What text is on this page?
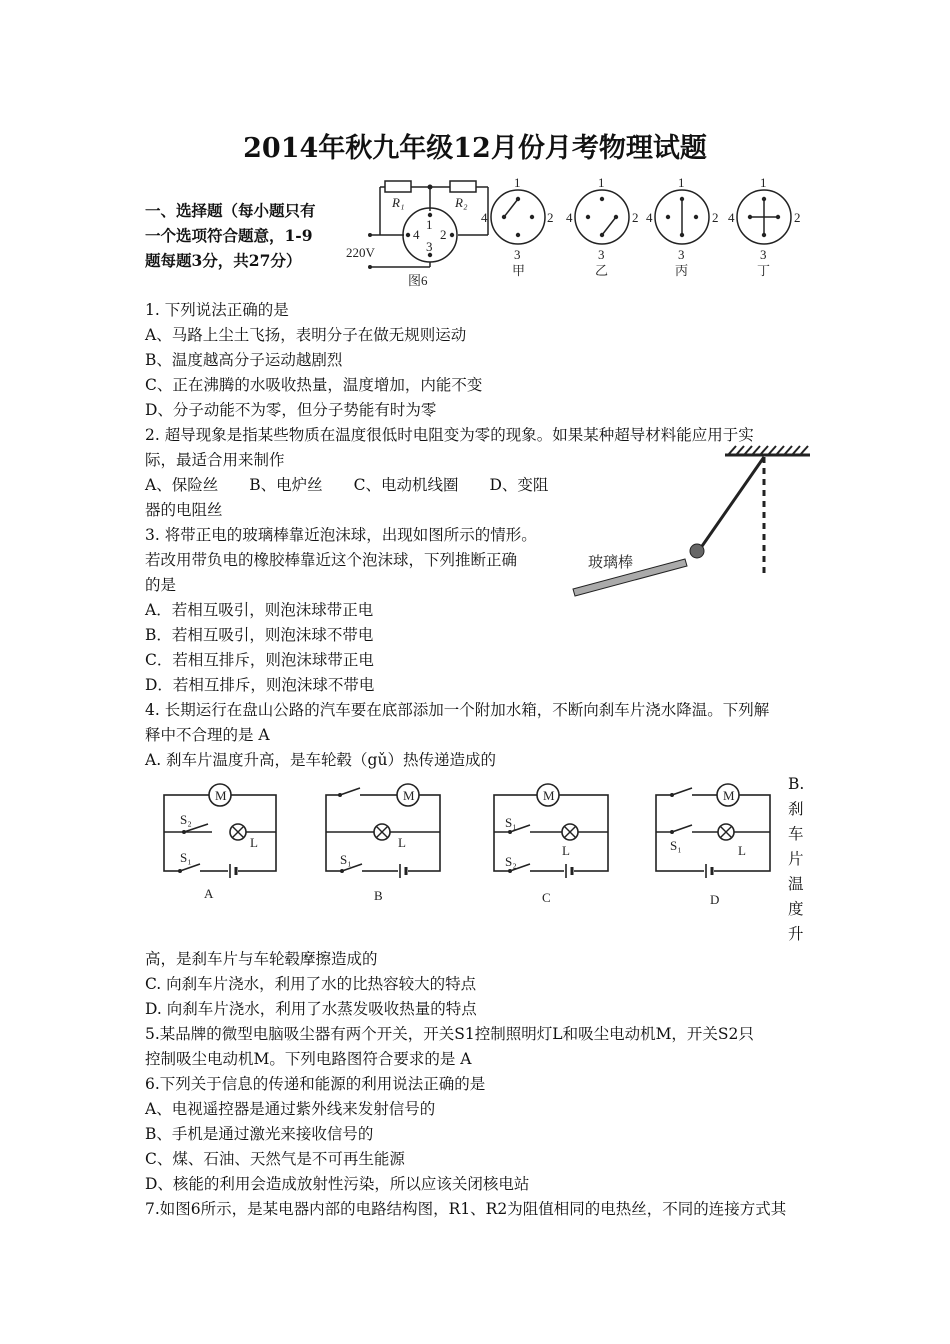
2014年秋九年级12月份月考物理试题
一、选择题（每小题只有一个选项符合题意，1-9题每题3分，共27分）
1. 下列说法正确的是
A、马路上尘土飞扬，表明分子在做无规则运动
B、温度越高分子运动越剧烈
C、正在沸腾的水吸收热量，温度增加，内能不变
D、分子动能不为零，但分子势能有时为零
2. 超导现象是指某些物质在温度很低时电阻变为零的现象。如果某种超导材料能应用于实
际，最适合用来制作
A、保险丝　　B、电炉丝　　C、电动机线圈　　D、变阻
器的电阻丝
3. 将带正电的玻璃棒靠近泡沫球，出现如图所示的情形。
若改用带负电的橡胶棒靠近这个泡沫球，下列推断正确
的是
A．若相互吸引，则泡沫球带正电
B．若相互吸引，则泡沫球不带电
C．若相互排斥，则泡沫球带正电
D．若相互排斥，则泡沫球不带电
4. 长期运行在盘山公路的汽车要在底部添加一个附加水箱，不断向刹车片浇水降温。下列解
释中不合理的是 A
A. 刹车片温度升高，是车轮毂（gǔ）热传递造成的
高，是刹车片与车轮毂摩擦造成的
C. 向刹车片浇水，利用了水的比热容较大的特点
D. 向刹车片浇水，利用了水蒸发吸收热量的特点
5.某品牌的微型电脑吸尘器有两个开关，开关S1控制照明灯L和吸尘电动机M，开关S2只
控制吸尘电动机M。下列电路图符合要求的是 A
6.下列关于信息的传递和能源的利用说法正确的是
A、电视遥控器是通过紫外线来发射信号的
B、手机是通过激光来接收信号的
C、煤、石油、天然气是不可再生能源
D、核能的利用会造成放射性污染，所以应该关闭核电站
7.如图6所示，是某电器内部的电路结构图，R1、R2为阻值相同的电热丝，不同的连接方式其
B.刹车片温度升
R₁	R₂
1
4 2
3
220V
图6
1
4	2
3
甲
1
4	2
3
乙
1
4	2
3
丙
1
4	2
3
丁
玻璃棒
M	M	M	M
L	L
L	L
S₂
S₁	S₁
S₁
S₂
S₁
A	B	C	D
